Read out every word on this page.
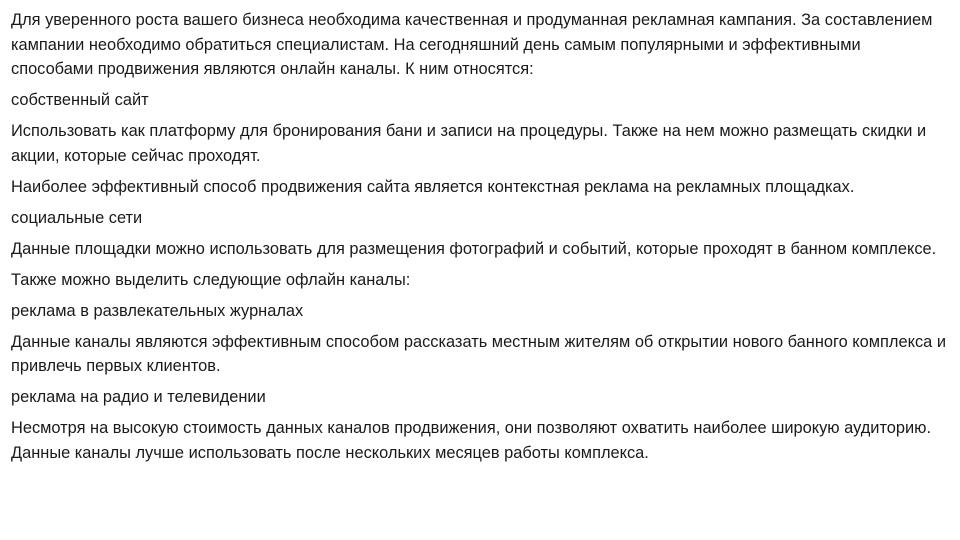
Для уверенного роста вашего бизнеса необходима качественная и продуманная рекламная кампания. За составлением кампании необходимо обратиться специалистам. На сегодняшний день самым популярными и эффективными способами продвижения являются онлайн каналы. К ним относятся:

собственный сайт

Использовать как платформу для бронирования бани и записи на процедуры. Также на нем можно размещать скидки и акции, которые сейчас проходят.

Наиболее эффективный способ продвижения сайта является контекстная реклама на рекламных площадках.

социальные сети

Данные площадки можно использовать для размещения фотографий и событий, которые проходят в банном комплексе.

Также можно выделить следующие офлайн каналы:

реклама в развлекательных журналах

Данные каналы являются эффективным способом рассказать местным жителям об открытии нового банного комплекса и привлечь первых клиентов.

реклама на радио и телевидении

Несмотря на высокую стоимость данных каналов продвижения, они позволяют охватить наиболее широкую аудиторию. Данные каналы лучше использовать после нескольких месяцев работы комплекса.
